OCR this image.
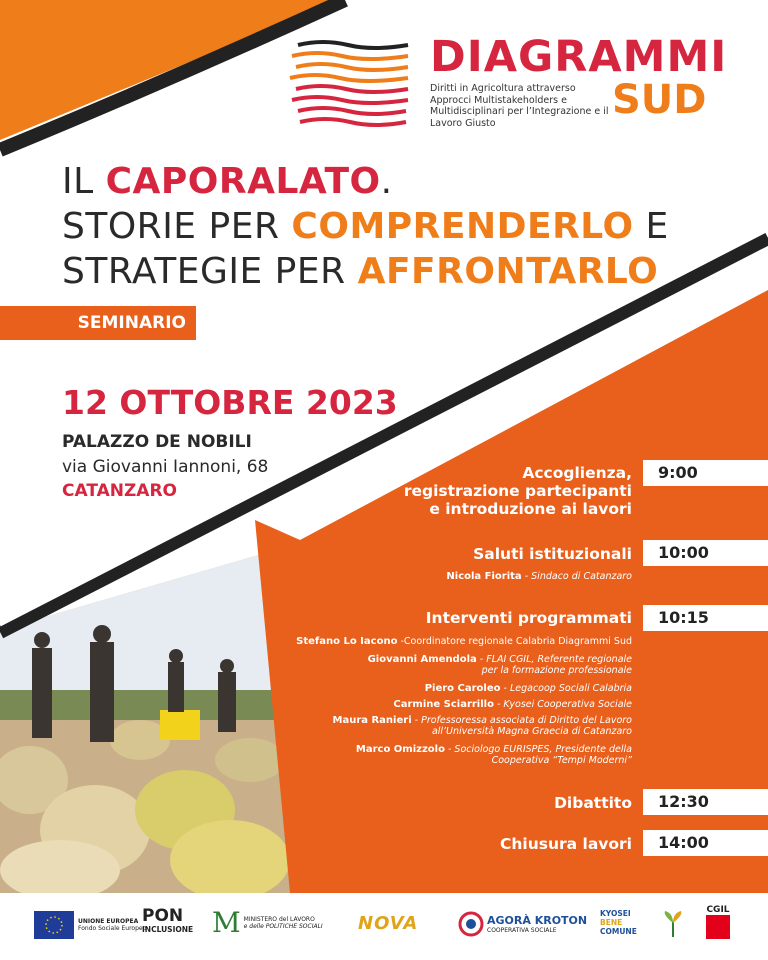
DIAGRAMMI
Diritti in Agricoltura attraverso Approcci Multistakeholders e Multidisciplinari per l’Integrazione e il Lavoro Giusto	SUD
IL CAPORALATO.
STORIE PER COMPRENDERLO E
STRATEGIE PER AFFRONTARLO
SEMINARIO
12 OTTOBRE 2023
PALAZZO DE NOBILI
via Giovanni Iannoni, 68
CATANZARO
Accoglienza,
registrazione partecipanti
e introduzione ai lavori
9:00
Saluti istituzionali	10:00
Nicola Fiorita - Sindaco di Catanzaro
Interventi programmati	10:15
Stefano Lo Iacono -Coordinatore regionale Calabria Diagrammi Sud
Giovanni Amendola - FLAI CGIL, Referente regionale
per la formazione professionale
Piero Caroleo - Legacoop Sociali Calabria
Carmine Sciarrillo - Kyosei Cooperativa Sociale
Maura Ranieri - Professoressa associata di Diritto del Lavoro
all’Università Magna Graecia di Catanzaro
Marco Omizzolo - Sociologo EURISPES, Presidente della
Cooperativa “Tempi Moderni”
Dibattito	12:30
Chiusura lavori	14:00
UNIONE EUROPEA
Fondo Sociale Europeo
PON
INCLUSIONE M MINISTERO del LAVORO
e delle POLITICHE SOCIALI NOVA	AGORÀ KROTON
COOPERATIVA SOCIALE
KYOSEI
BENE
COMUNE
CGIL
